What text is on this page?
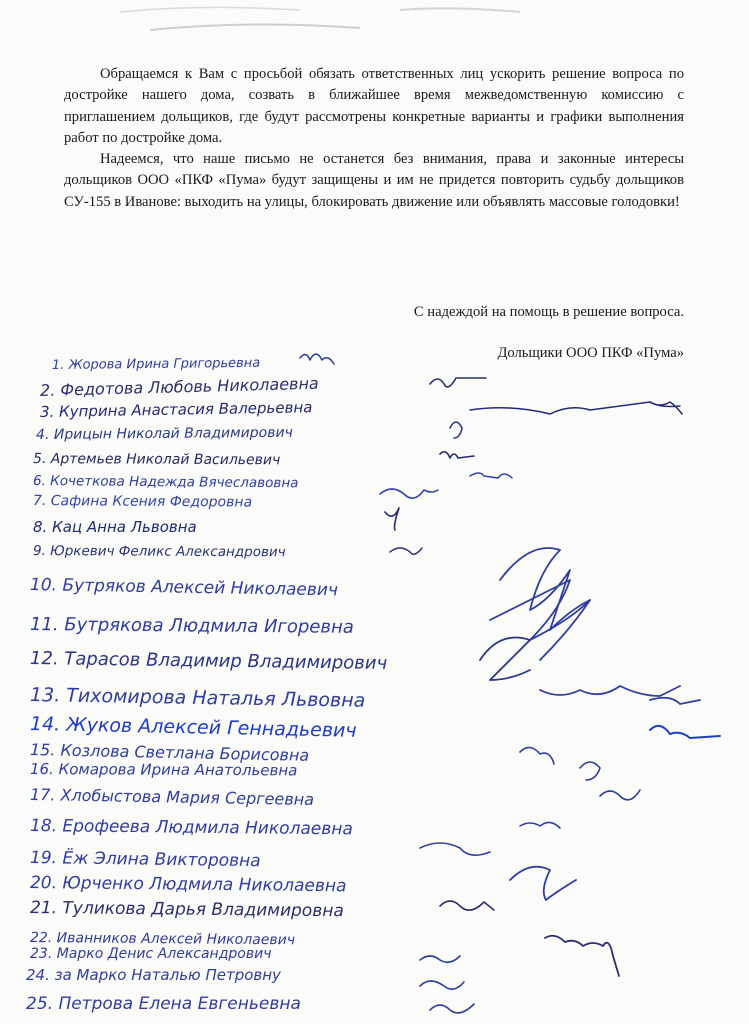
Обращаемся к Вам с просьбой обязать ответственных лиц ускорить решение вопроса по достройке нашего дома, созвать в ближайшее время межведомственную комиссию с приглашением дольщиков, где будут рассмотрены конкретные варианты и графики выполнения работ по достройке дома.

Надеемся, что наше письмо не останется без внимания, права и законные интересы дольщиков ООО «ПКФ «Пума» будут защищены и им не придется повторить судьбу дольщиков СУ-155 в Иванове: выходить на улицы, блокировать движение или объявлять массовые голодовки!

С надеждой на помощь в решение вопроса.
Дольщики ООО ПКФ «Пума»
1. Жорова Ирина Григорьевна
2. Федотова Любовь Николаевна
3. Куприна Анастасия Валерьевна
4. Ирицын Николай Владимирович
5. Артемьев Николай Васильевич
6. Кочеткова Надежда Вячеславовна
7. Сафина Ксения Федоровна
8. Кац Анна Львовна
9. Юркевич Феликс Александрович
10. Бутряков Алексей Николаевич
11. Бутрякова Людмила Игоревна
12. Тарасов Владимир Владимирович
13. Тихомирова Наталья Львовна
14. Жуков Алексей Геннадьевич
15. Козлова Светлана Борисовна
16. Комарова Ирина Анатольевна
17. Хлобыстова Мария Сергеевна
18. Ерофеева Людмила Николаевна
19. Ёж Элина Викторовна
20. Юрченко Людмила Николаевна
21. Туликова Дарья Владимировна
22. Иванников Алексей Николаевич
23. Марко Денис Александрович
24. за Марко Наталью Петровну
25. Петрова Елена Евгеньевна
